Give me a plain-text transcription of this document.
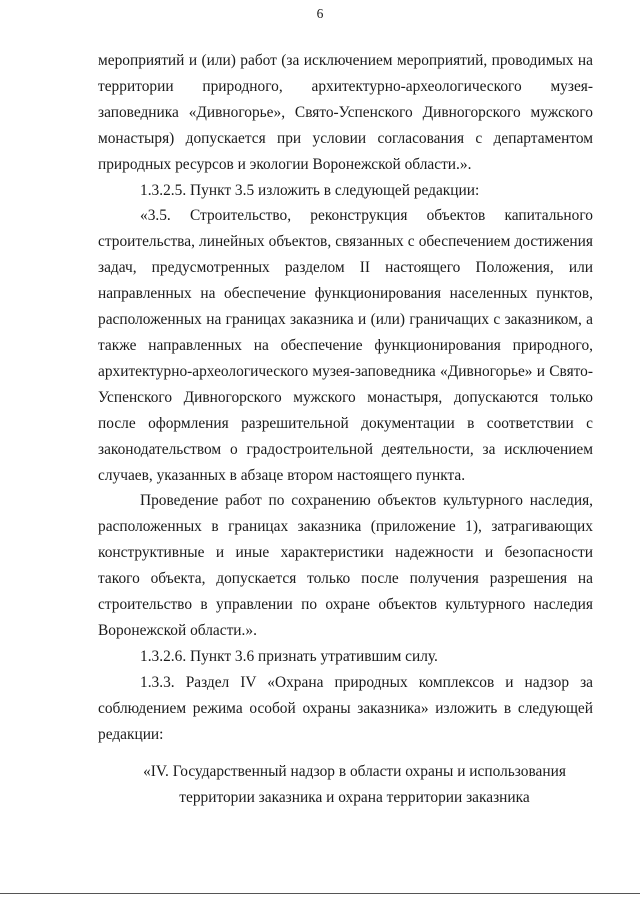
6

мероприятий и (или) работ (за исключением мероприятий, проводимых на территории природного, архитектурно-археологического музея-заповедника «Дивногорье», Свято-Успенского Дивногорского мужского монастыря) допускается при условии согласования с департаментом природных ресурсов и экологии Воронежской области.».

1.3.2.5. Пункт 3.5 изложить в следующей редакции:

«3.5. Строительство, реконструкция объектов капитального строительства, линейных объектов, связанных с обеспечением достижения задач, предусмотренных разделом II настоящего Положения, или направленных на обеспечение функционирования населенных пунктов, расположенных на границах заказника и (или) граничащих с заказником, а также направленных на обеспечение функционирования природного, архитектурно-археологического музея-заповедника «Дивногорье» и Свято-Успенского Дивногорского мужского монастыря, допускаются только после оформления разрешительной документации в соответствии с законодательством о градостроительной деятельности, за исключением случаев, указанных в абзаце втором настоящего пункта.

Проведение работ по сохранению объектов культурного наследия, расположенных в границах заказника (приложение 1), затрагивающих конструктивные и иные характеристики надежности и безопасности такого объекта, допускается только после получения разрешения на строительство в управлении по охране объектов культурного наследия Воронежской области.».

1.3.2.6. Пункт 3.6 признать утратившим силу.

1.3.3. Раздел IV «Охрана природных комплексов и надзор за соблюдением режима особой охраны заказника» изложить в следующей редакции:

«IV. Государственный надзор в области охраны и использования
территории заказника и охрана территории заказника
